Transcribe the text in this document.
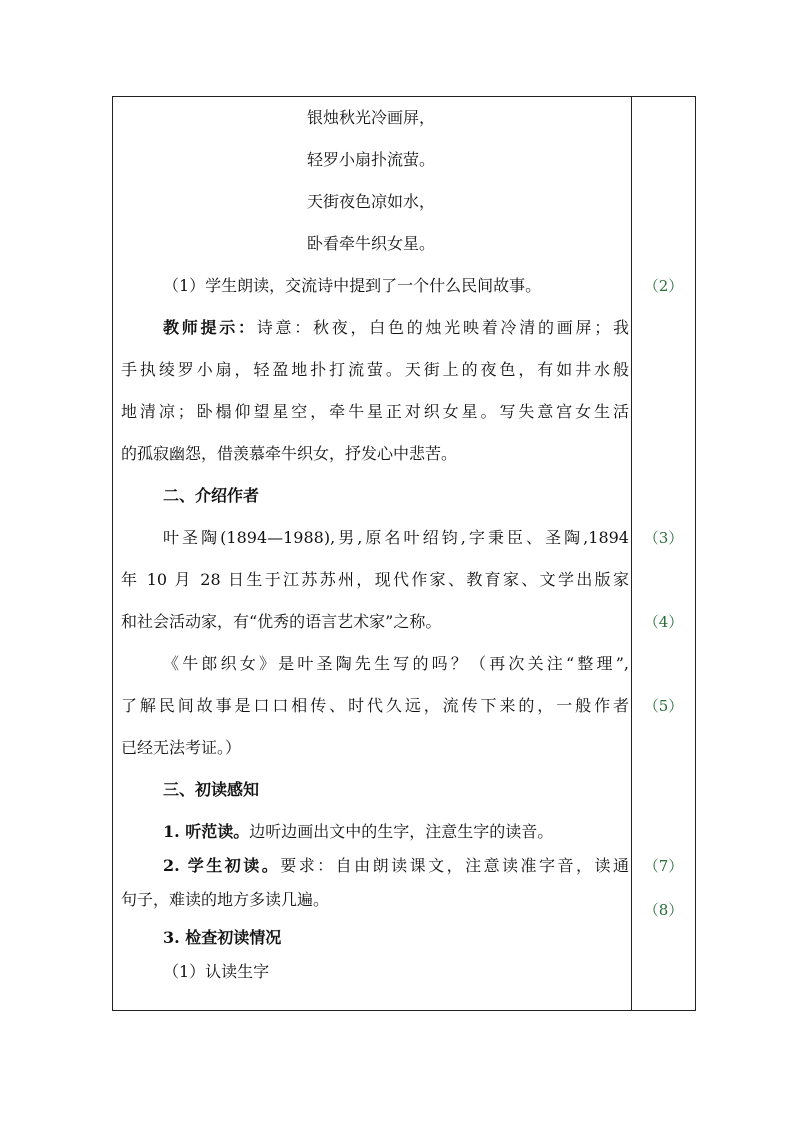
银烛秋光冷画屏，
轻罗小扇扑流萤。
天街夜色凉如水，
卧看牵牛织女星。
（1）学生朗读，交流诗中提到了一个什么民间故事。
教师提示：诗意：秋夜，白色的烛光映着冷清的画屏；我
手执绫罗小扇，轻盈地扑打流萤。天街上的夜色，有如井水般
地清凉；卧榻仰望星空，牵牛星正对织女星。写失意宫女生活
的孤寂幽怨，借羡慕牵牛织女，抒发心中悲苦。
二、介绍作者
叶圣陶(1894—1988),男,原名叶绍钧,字秉臣、圣陶,1894
年 10 月 28 日生于江苏苏州，现代作家、教育家、文学出版家
和社会活动家，有“优秀的语言艺术家”之称。
《牛郎织女》是叶圣陶先生写的吗？（再次关注“整理”,
了解民间故事是口口相传、时代久远，流传下来的，一般作者
已经无法考证。）
三、初读感知
1. 听范读。边听边画出文中的生字，注意生字的读音。
2. 学生初读。要求：自由朗读课文，注意读准字音，读通
句子，难读的地方多读几遍。
3. 检查初读情况
（1）认读生字
（2）
（3）
（4）
（5）
（7）
（8）
